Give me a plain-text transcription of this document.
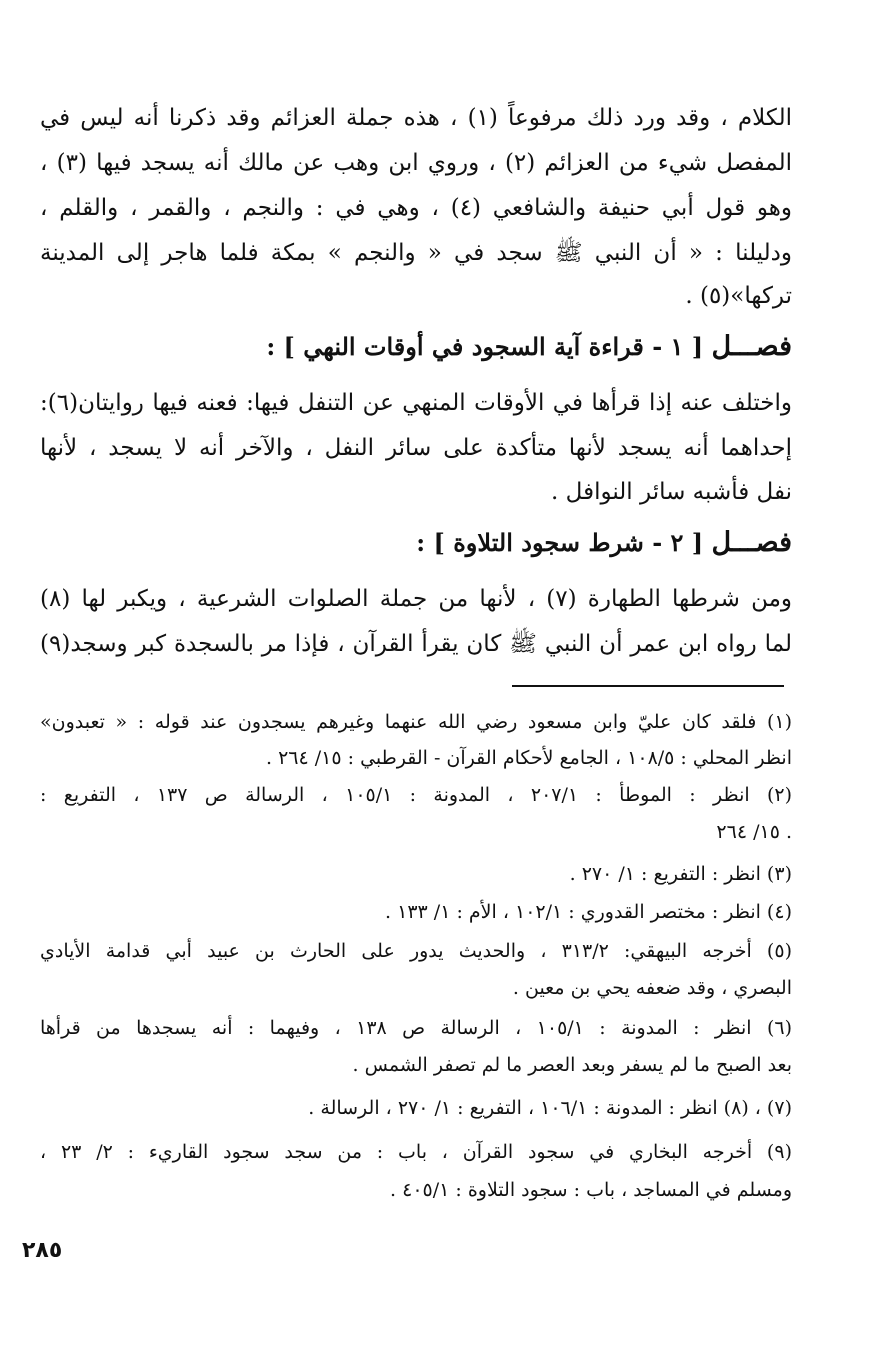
الكلام ، وقد ورد ذلك مرفوعاً (١) ، هذه جملة العزائم وقد ذكرنا أنه ليس في
المفصل شيء من العزائم (٢) ، وروي ابن وهب عن مالك أنه يسجد فيها (٣) ،
وهو قول أبي حنيفة والشافعي (٤) ، وهي في : والنجم ، والقمر ، والقلم ،
ودليلنا : « أن النبي ﷺ سجد في « والنجم » بمكة فلما هاجر إلى المدينة
تركها»(٥) .
فصـــل [ ١ - قراءة آية السجود في أوقات النهي ] :
واختلف عنه إذا قرأها في الأوقات المنهي عن التنفل فيها: فعنه فيها روايتان(٦):
إحداهما أنه يسجد لأنها متأكدة على سائر النفل ، والآخر أنه لا يسجد ، لأنها
نفل فأشبه سائر النوافل .
فصـــل [ ٢ - شرط سجود التلاوة ] :
ومن شرطها الطهارة (٧) ، لأنها من جملة الصلوات الشرعية ، ويكبر لها (٨)
لما رواه ابن عمر أن النبي ﷺ كان يقرأ القرآن ، فإذا مر بالسجدة كبر وسجد(٩)
(١) فلقد كان عليّ وابن مسعود رضي الله عنهما وغيرهم يسجدون عند قوله : « تعبدون»
انظر المحلي : ١٠٨/٥ ، الجامع لأحكام القرآن - القرطبي : ١٥/ ٢٦٤ .
(٢) انظر : الموطأ : ٢٠٧/١ ، المدونة : ١٠٥/١ ، الرسالة ص ١٣٧ ، التفريع :
١٥/ ٢٦٤ .
(٣) انظر : التفريع : ١/ ٢٧٠ .
(٤) انظر : مختصر القدوري : ١٠٢/١ ، الأم : ١/ ١٣٣ .
(٥) أخرجه البيهقي: ٣١٣/٢ ، والحديث يدور على الحارث بن عبيد أبي قدامة الأيادي
البصري ، وقد ضعفه يحي بن معين .
(٦) انظر : المدونة : ١٠٥/١ ، الرسالة ص ١٣٨ ، وفيهما : أنه يسجدها من قرأها
بعد الصبح ما لم يسفر وبعد العصر ما لم تصفر الشمس .
(٧) ، (٨) انظر : المدونة : ١٠٦/١ ، التفريع : ١/ ٢٧٠ ، الرسالة .
(٩) أخرجه البخاري في سجود القرآن ، باب : من سجد سجود القاريء : ٢/ ٢٣ ،
ومسلم في المساجد ، باب : سجود التلاوة : ٤٠٥/١ .
٢٨٥
